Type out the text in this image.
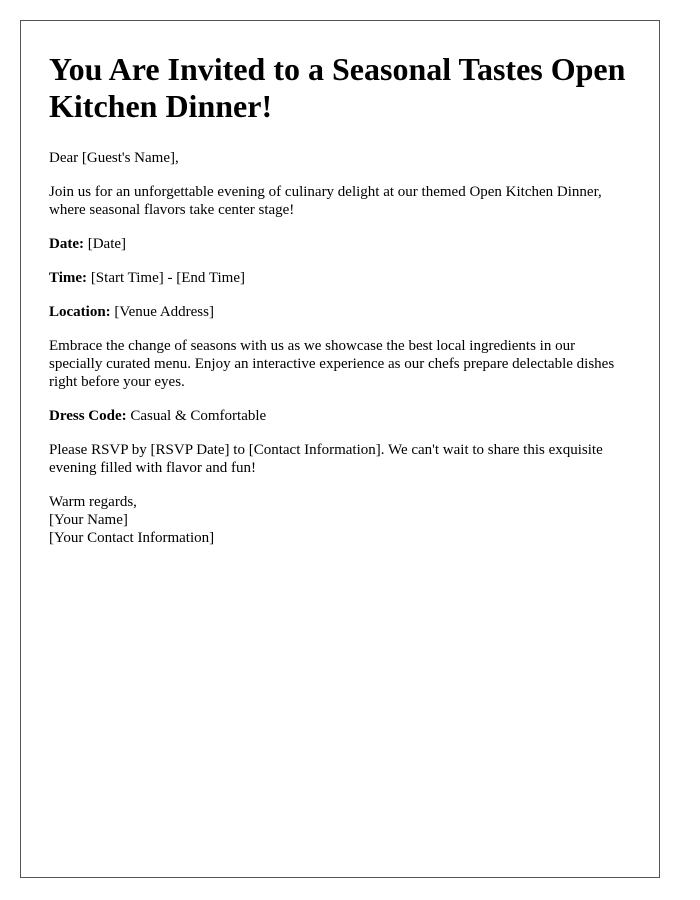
You Are Invited to a Seasonal Tastes Open Kitchen Dinner!

Dear [Guest's Name],

Join us for an unforgettable evening of culinary delight at our themed Open Kitchen Dinner, where seasonal flavors take center stage!

Date: [Date]

Time: [Start Time] - [End Time]

Location: [Venue Address]

Embrace the change of seasons with us as we showcase the best local ingredients in our specially curated menu. Enjoy an interactive experience as our chefs prepare delectable dishes right before your eyes.

Dress Code: Casual & Comfortable

Please RSVP by [RSVP Date] to [Contact Information]. We can't wait to share this exquisite evening filled with flavor and fun!

Warm regards,
[Your Name]
[Your Contact Information]
